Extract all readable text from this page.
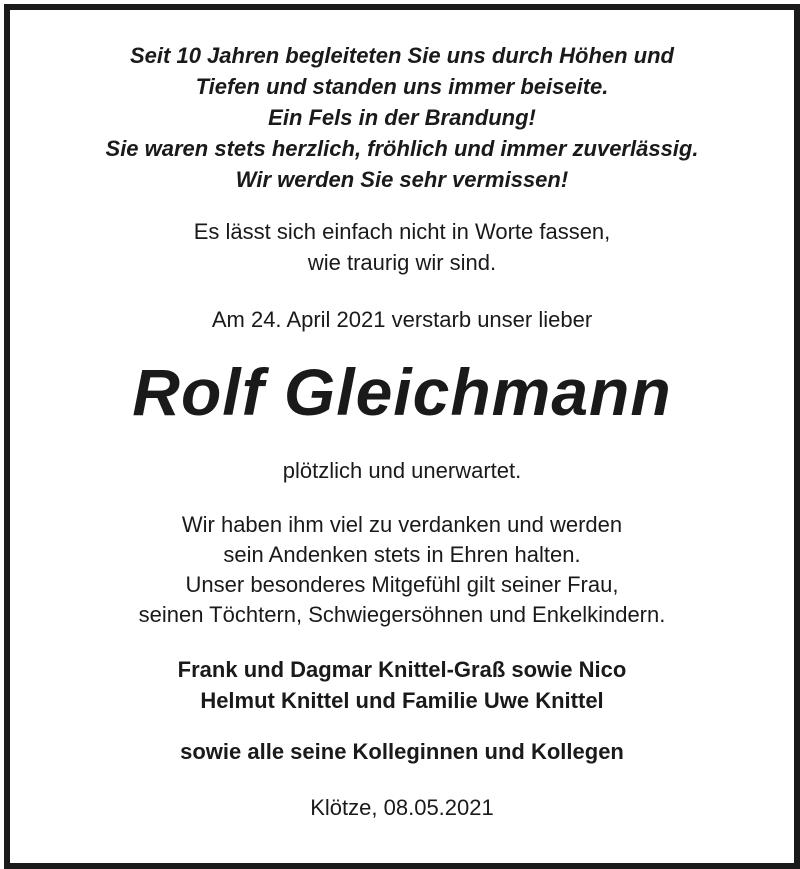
Seit 10 Jahren begleiteten Sie uns durch Höhen und
Tiefen und standen uns immer beiseite.
Ein Fels in der Brandung!
Sie waren stets herzlich, fröhlich und immer zuverlässig.
Wir werden Sie sehr vermissen!
Es lässt sich einfach nicht in Worte fassen,
wie traurig wir sind.
Am 24. April 2021 verstarb unser lieber
Rolf Gleichmann
plötzlich und unerwartet.
Wir haben ihm viel zu verdanken und werden
sein Andenken stets in Ehren halten.
Unser besonderes Mitgefühl gilt seiner Frau,
seinen Töchtern, Schwiegersöhnen und Enkelkindern.
Frank und Dagmar Knittel-Graß sowie Nico
Helmut Knittel und Familie Uwe Knittel
sowie alle seine Kolleginnen und Kollegen
Klötze, 08.05.2021
